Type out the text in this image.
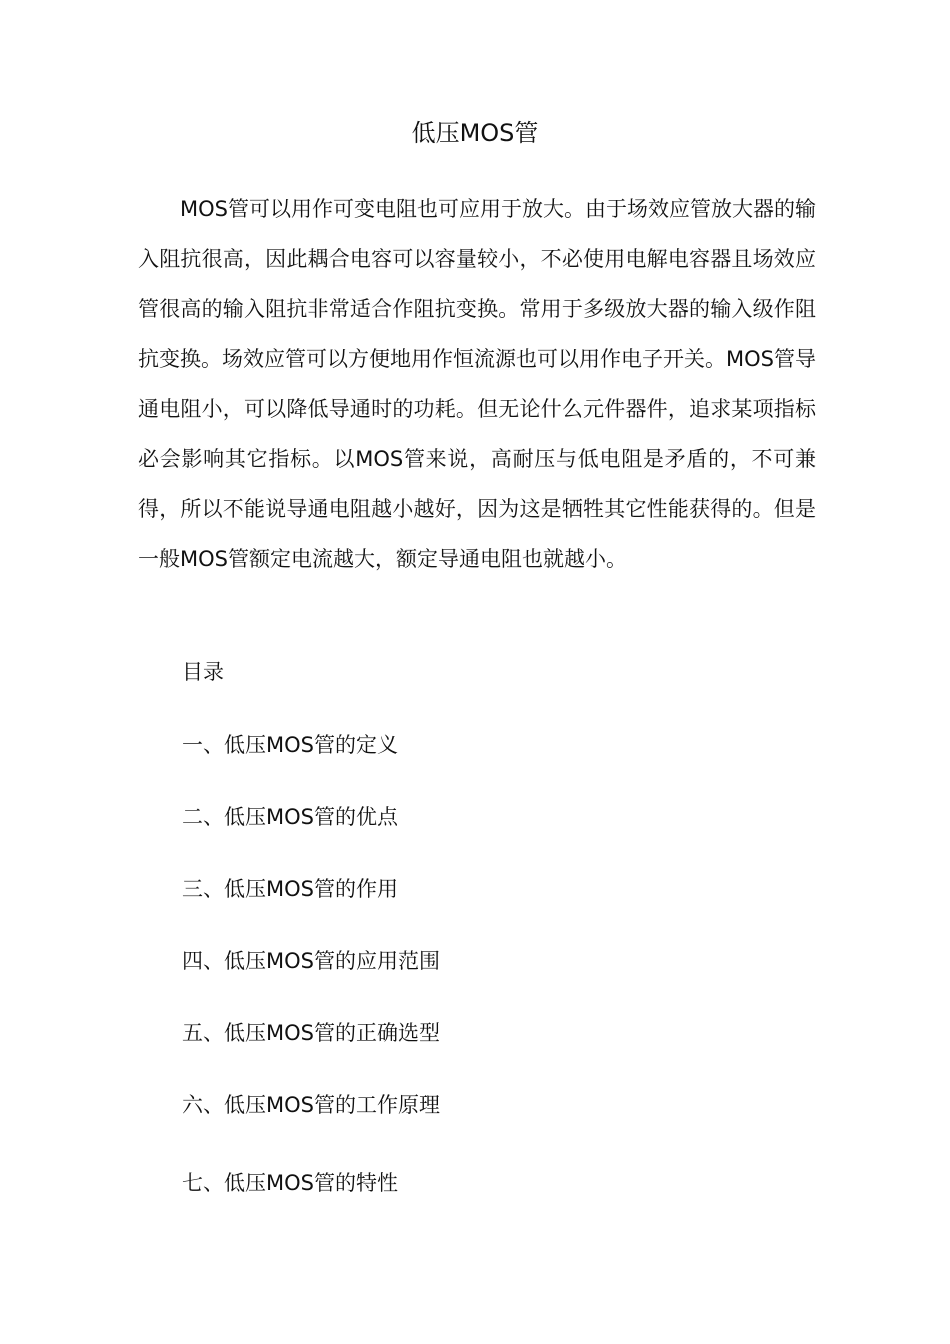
低压MOS管

MOS管可以用作可变电阻也可应用于放大。由于场效应管放大器的输入阻抗很高，因此耦合电容可以容量较小，不必使用电解电容器且场效应管很高的输入阻抗非常适合作阻抗变换。常用于多级放大器的输入级作阻抗变换。场效应管可以方便地用作恒流源也可以用作电子开关。MOS管导通电阻小，可以降低导通时的功耗。但无论什么元件器件，追求某项指标必会影响其它指标。以MOS管来说，高耐压与低电阻是矛盾的，不可兼得，所以不能说导通电阻越小越好，因为这是牺牲其它性能获得的。但是一般MOS管额定电流越大，额定导通电阻也就越小。

目录
一、低压MOS管的定义
二、低压MOS管的优点
三、低压MOS管的作用
四、低压MOS管的应用范围
五、低压MOS管的正确选型
六、低压MOS管的工作原理
七、低压MOS管的特性
